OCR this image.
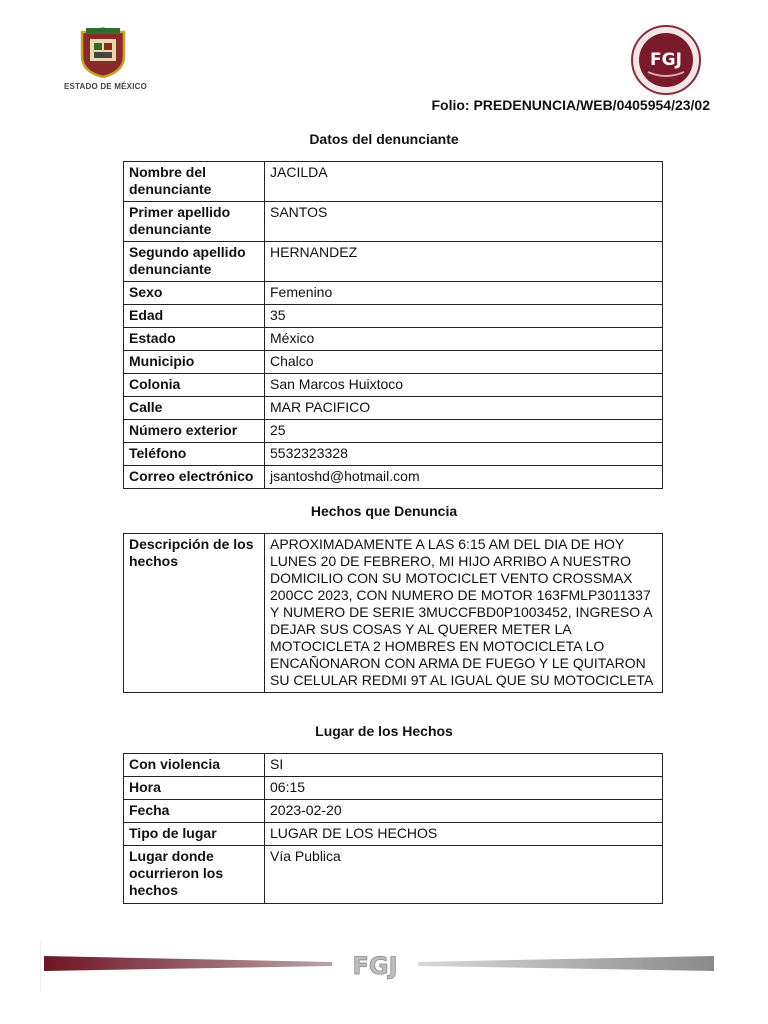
ESTADO DE MÉXICO
FGJ
Folio: PREDENUNCIA/WEB/0405954/23/02
Datos del denunciante
Nombre del denunciante	JACILDA
Primer apellido denunciante	SANTOS
Segundo apellido denunciante	HERNANDEZ
Sexo	Femenino
Edad	35
Estado	México
Municipio	Chalco
Colonia	San Marcos Huixtoco
Calle	MAR PACIFICO
Número exterior	25
Teléfono	5532323328
Correo electrónico	jsantoshd@hotmail.com
Hechos que Denuncia
Descripción de los hechos	APROXIMADAMENTE A LAS 6:15 AM DEL DIA DE HOY LUNES 20 DE FEBRERO, MI HIJO ARRIBO A NUESTRO DOMICILIO CON SU MOTOCICLET VENTO CROSSMAX 200CC 2023, CON NUMERO DE MOTOR 163FMLP3011337 Y NUMERO DE SERIE 3MUCCFBD0P1003452, INGRESO A DEJAR SUS COSAS Y AL QUERER METER LA MOTOCICLETA 2 HOMBRES EN MOTOCICLETA LO ENCAÑONARON CON ARMA DE FUEGO Y LE QUITARON SU CELULAR REDMI 9T AL IGUAL QUE SU MOTOCICLETA
Lugar de los Hechos
Con violencia	SI
Hora	06:15
Fecha	2023-02-20
Tipo de lugar	LUGAR DE LOS HECHOS
Lugar donde ocurrieron los hechos	Vía Publica
FGJ
